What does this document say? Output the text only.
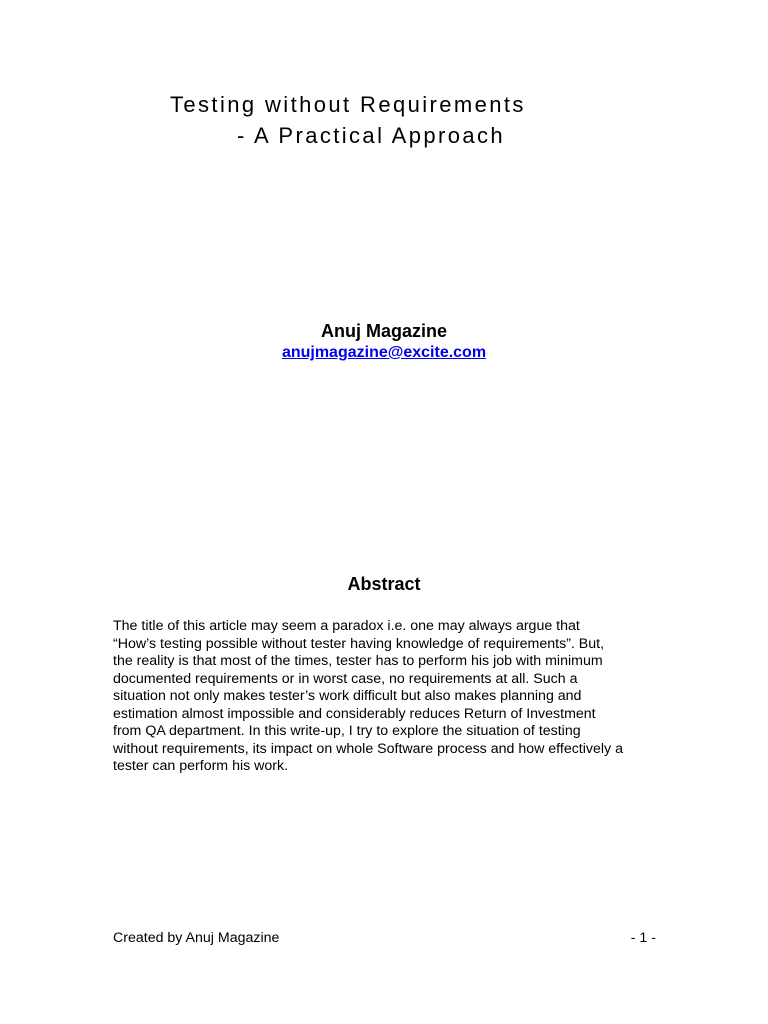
Testing without Requirements
- A Practical Approach
Anuj Magazine
anujmagazine@excite.com
Abstract

The title of this article may seem a paradox i.e. one may always argue that
“How’s testing possible without tester having knowledge of requirements”. But,
the reality is that most of the times, tester has to perform his job with minimum
documented requirements or in worst case, no requirements at all. Such a
situation not only makes tester’s work difficult but also makes planning and
estimation almost impossible and considerably reduces Return of Investment
from QA department. In this write-up, I try to explore the situation of testing
without requirements, its impact on whole Software process and how effectively a
tester can perform his work.

Created by Anuj Magazine	- 1 -
